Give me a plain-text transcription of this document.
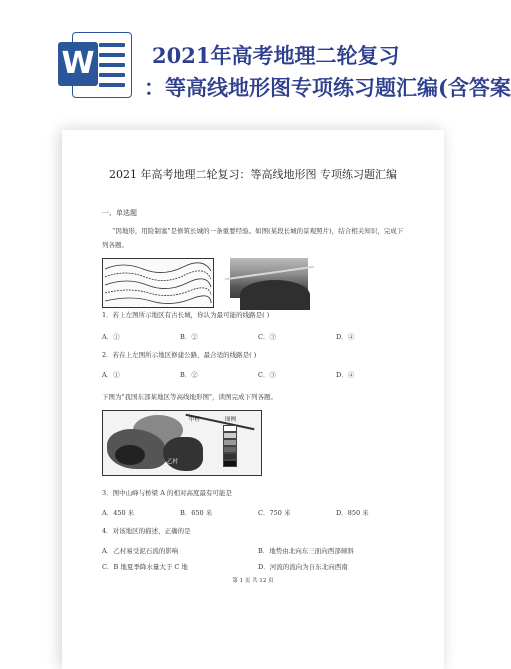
W	2021年高考地理二轮复习
：等高线地形图专项练习题汇编(含答案
2021 年高考地理二轮复习：等高线地形图 专项练习题汇编
一、单选题
“因地形，用险制塞”是修筑长城的一条重要经验。如图(某段长城的景观照片)，结合相关知识，完成下
列各题。
1．若上左图所示地区有古长城，你认为最可能的线路是( )
A．①	B．②	C．③	D．④
2．若在上左图所示地区修建公路，最合适的线路是( )
A．①	B．②	C．③	D．④
下图为"我国东部某地区等高线地形图"，读图完成下列各题。
甲村
乙村
图例
3．图中山峰与桥梁 A 的相对高度最有可能是
A．450 米	B．650 米	C．750 米	D．850 米
4．对该地区的描述，正确的是
A．乙村易受泥石流的影响	B．地势由北向东三面向西部倾斜
C．B 地夏季降水量大于 C 地	D．河流的流向为自东北向西南
第 1 页 共 12 页
